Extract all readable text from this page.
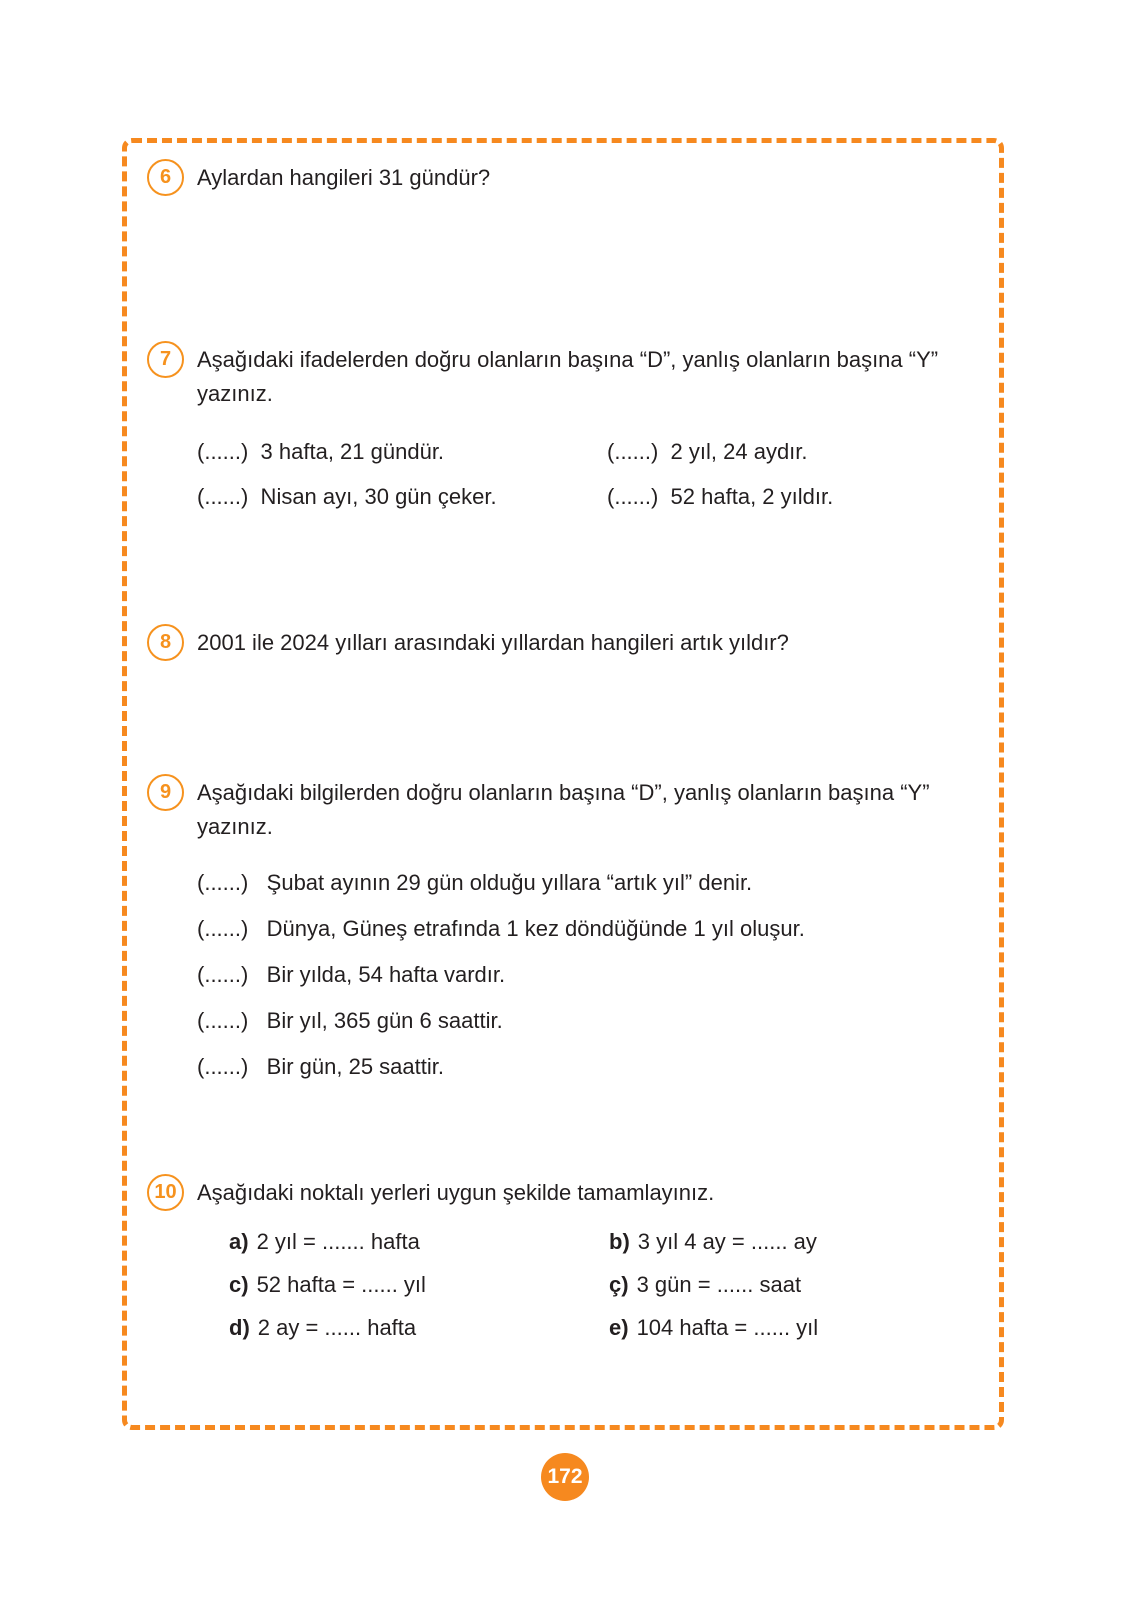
6	Aylardan hangileri 31 gündür?

7	Aşağıdaki ifadelerden doğru olanların başına “D”, yanlış olanların başına “Y” yazınız.

(......)  3 hafta, 21 gündür.	(......)  2 yıl, 24 aydır.

(......)  Nisan ayı, 30 gün çeker.	(......)  52 hafta, 2 yıldır.

8	2001 ile 2024 yılları arasındaki yıllardan hangileri artık yıldır?

9	Aşağıdaki bilgilerden doğru olanların başına “D”, yanlış olanların başına “Y” yazınız.

(......)   Şubat ayının 29 gün olduğu yıllara “artık yıl” denir.

(......)   Dünya, Güneş etrafında 1 kez döndüğünde 1 yıl oluşur.

(......)   Bir yılda, 54 hafta vardır.

(......)   Bir yıl, 365 gün 6 saattir.

(......)   Bir gün, 25 saattir.

10 Aşağıdaki noktalı yerleri uygun şekilde tamamlayınız.

a) 2 yıl = ....... hafta	b) 3 yıl 4 ay = ...... ay

c) 52 hafta = ...... yıl	ç) 3 gün = ...... saat

d) 2 ay = ...... hafta	e) 104 hafta = ...... yıl

172
